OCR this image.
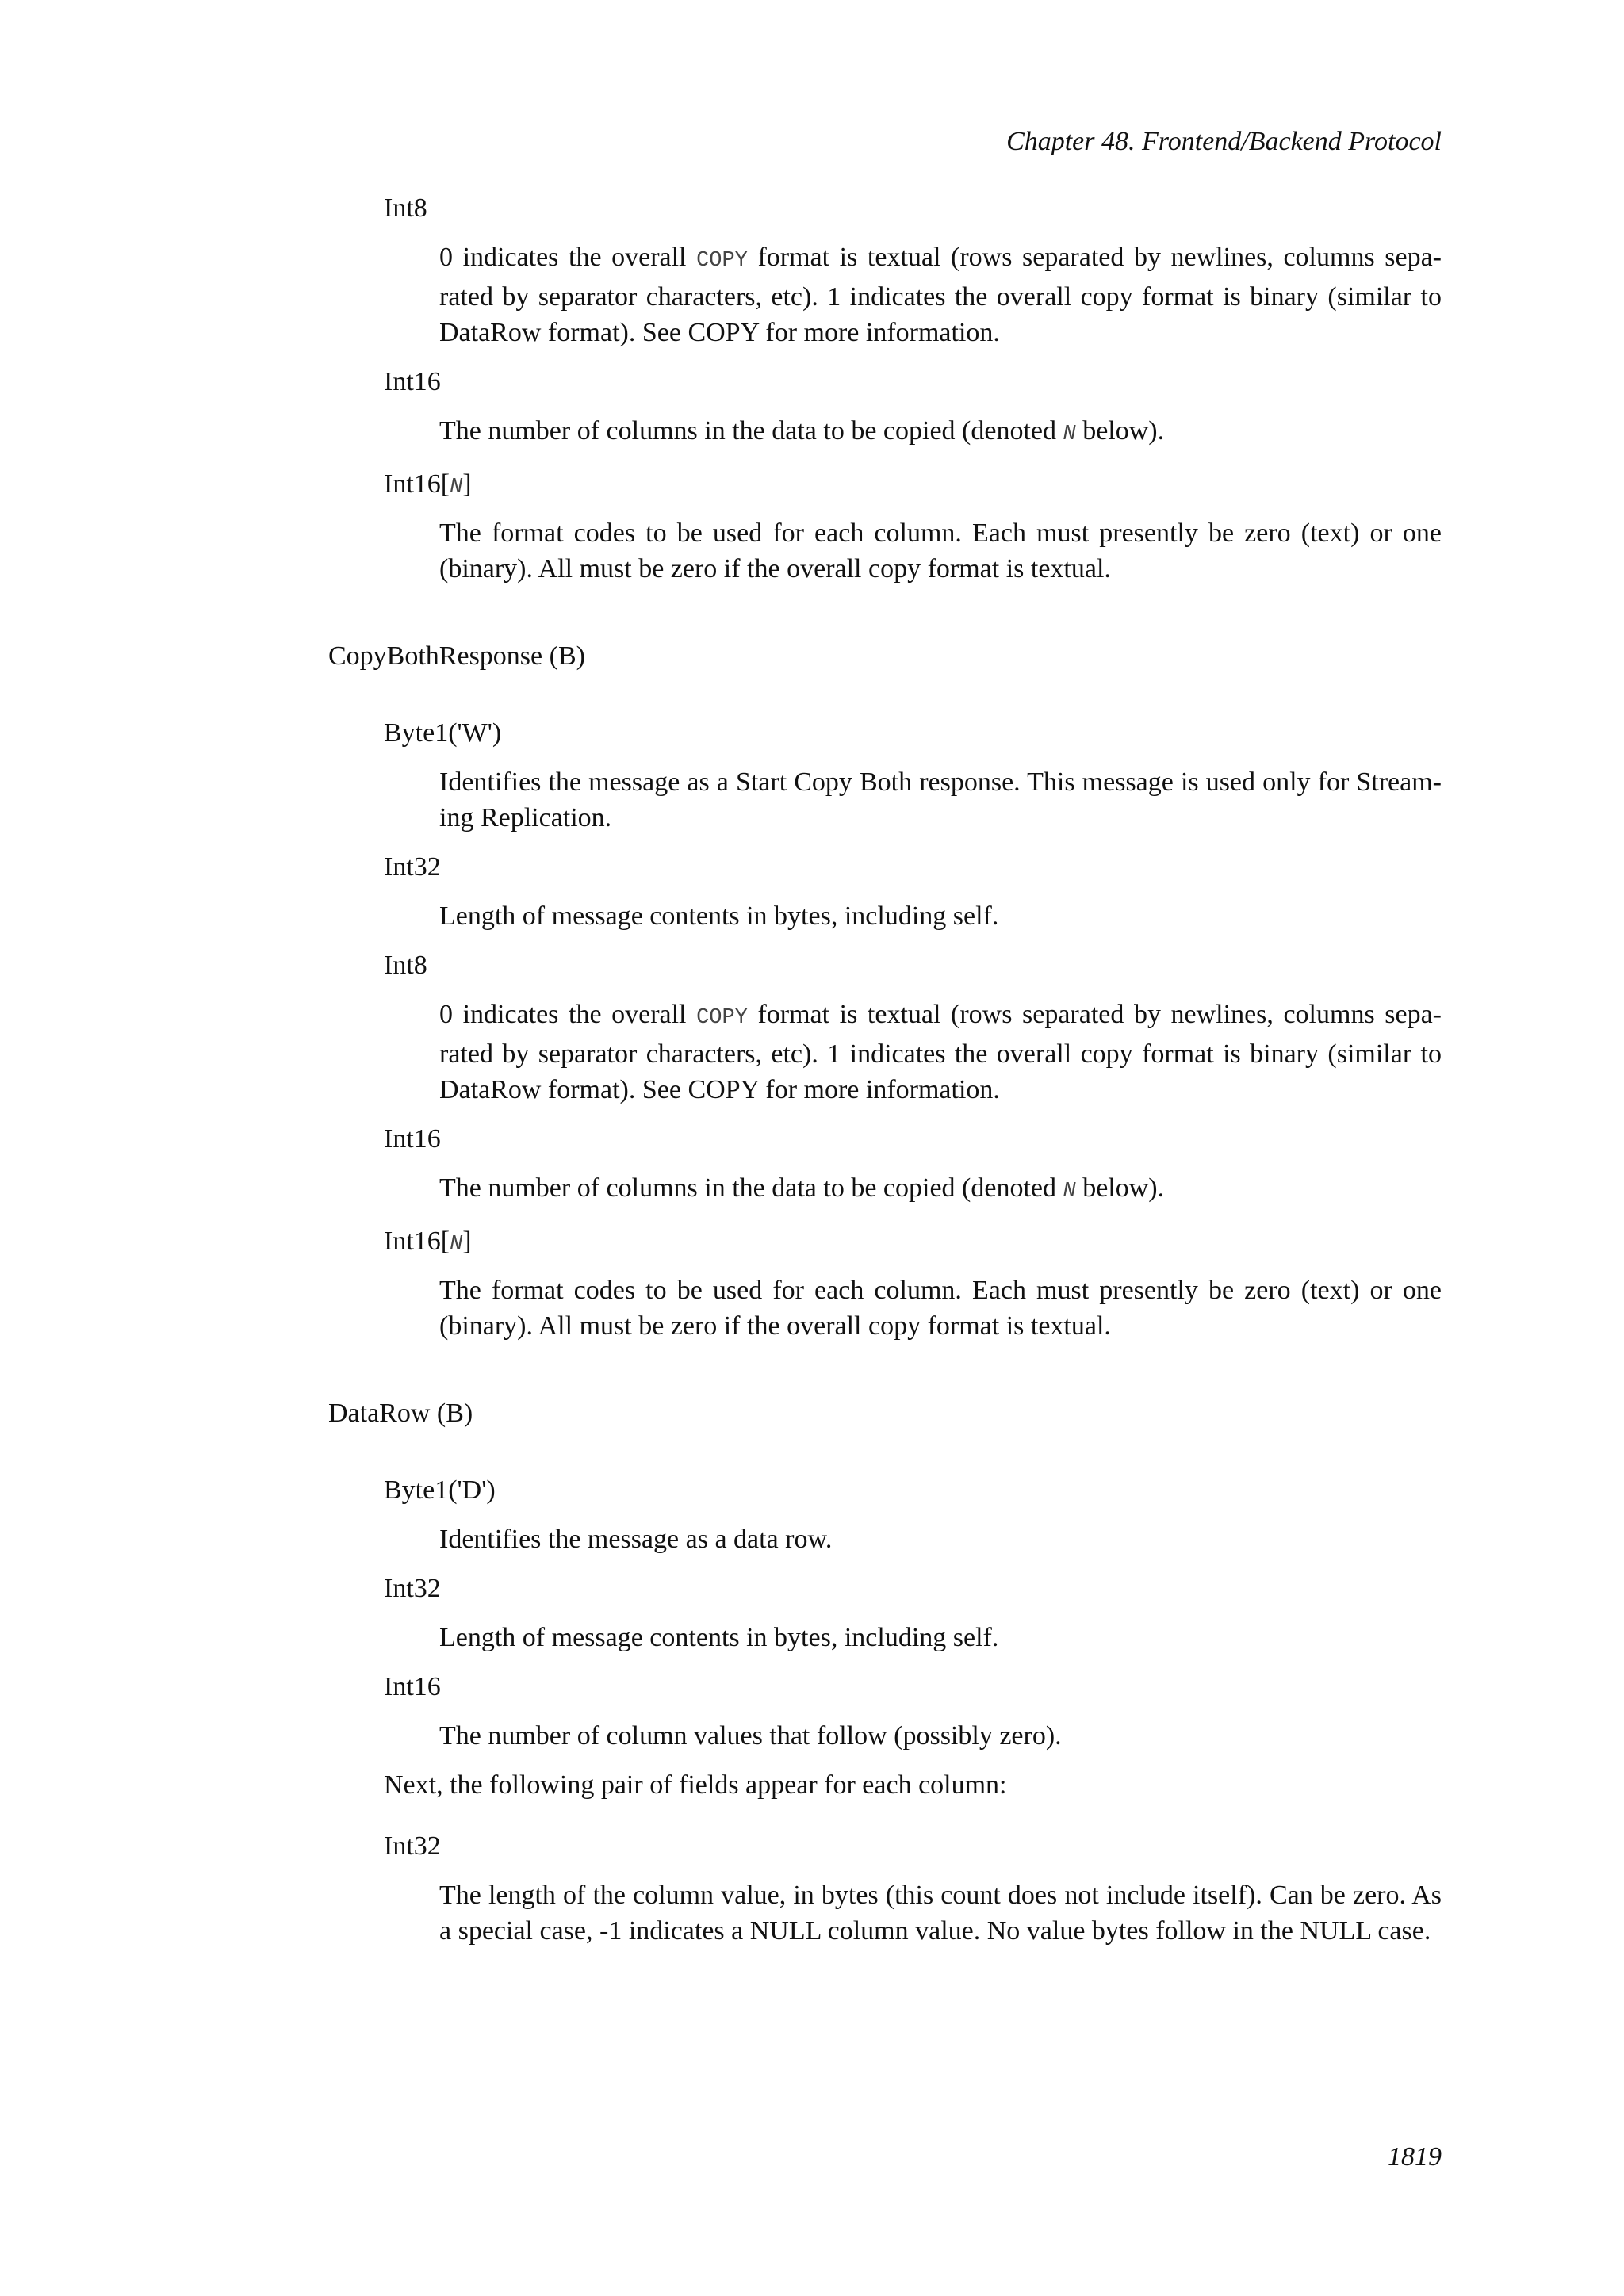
Chapter 48. Frontend/Backend Protocol
Int8
0 indicates the overall COPY format is textual (rows separated by newlines, columns sepa-rated by separator characters, etc). 1 indicates the overall copy format is binary (similar to DataRow format). See COPY for more information.
Int16
The number of columns in the data to be copied (denoted N below).
Int16[N]
The format codes to be used for each column. Each must presently be zero (text) or one (binary). All must be zero if the overall copy format is textual.
CopyBothResponse (B)
Byte1('W')
Identifies the message as a Start Copy Both response. This message is used only for Stream-ing Replication.
Int32
Length of message contents in bytes, including self.
Int8
0 indicates the overall COPY format is textual (rows separated by newlines, columns sepa-rated by separator characters, etc). 1 indicates the overall copy format is binary (similar to DataRow format). See COPY for more information.
Int16
The number of columns in the data to be copied (denoted N below).
Int16[N]
The format codes to be used for each column. Each must presently be zero (text) or one (binary). All must be zero if the overall copy format is textual.
DataRow (B)
Byte1('D')
Identifies the message as a data row.
Int32
Length of message contents in bytes, including self.
Int16
The number of column values that follow (possibly zero).
Next, the following pair of fields appear for each column:
Int32
The length of the column value, in bytes (this count does not include itself). Can be zero. As a special case, -1 indicates a NULL column value. No value bytes follow in the NULL case.
1819
